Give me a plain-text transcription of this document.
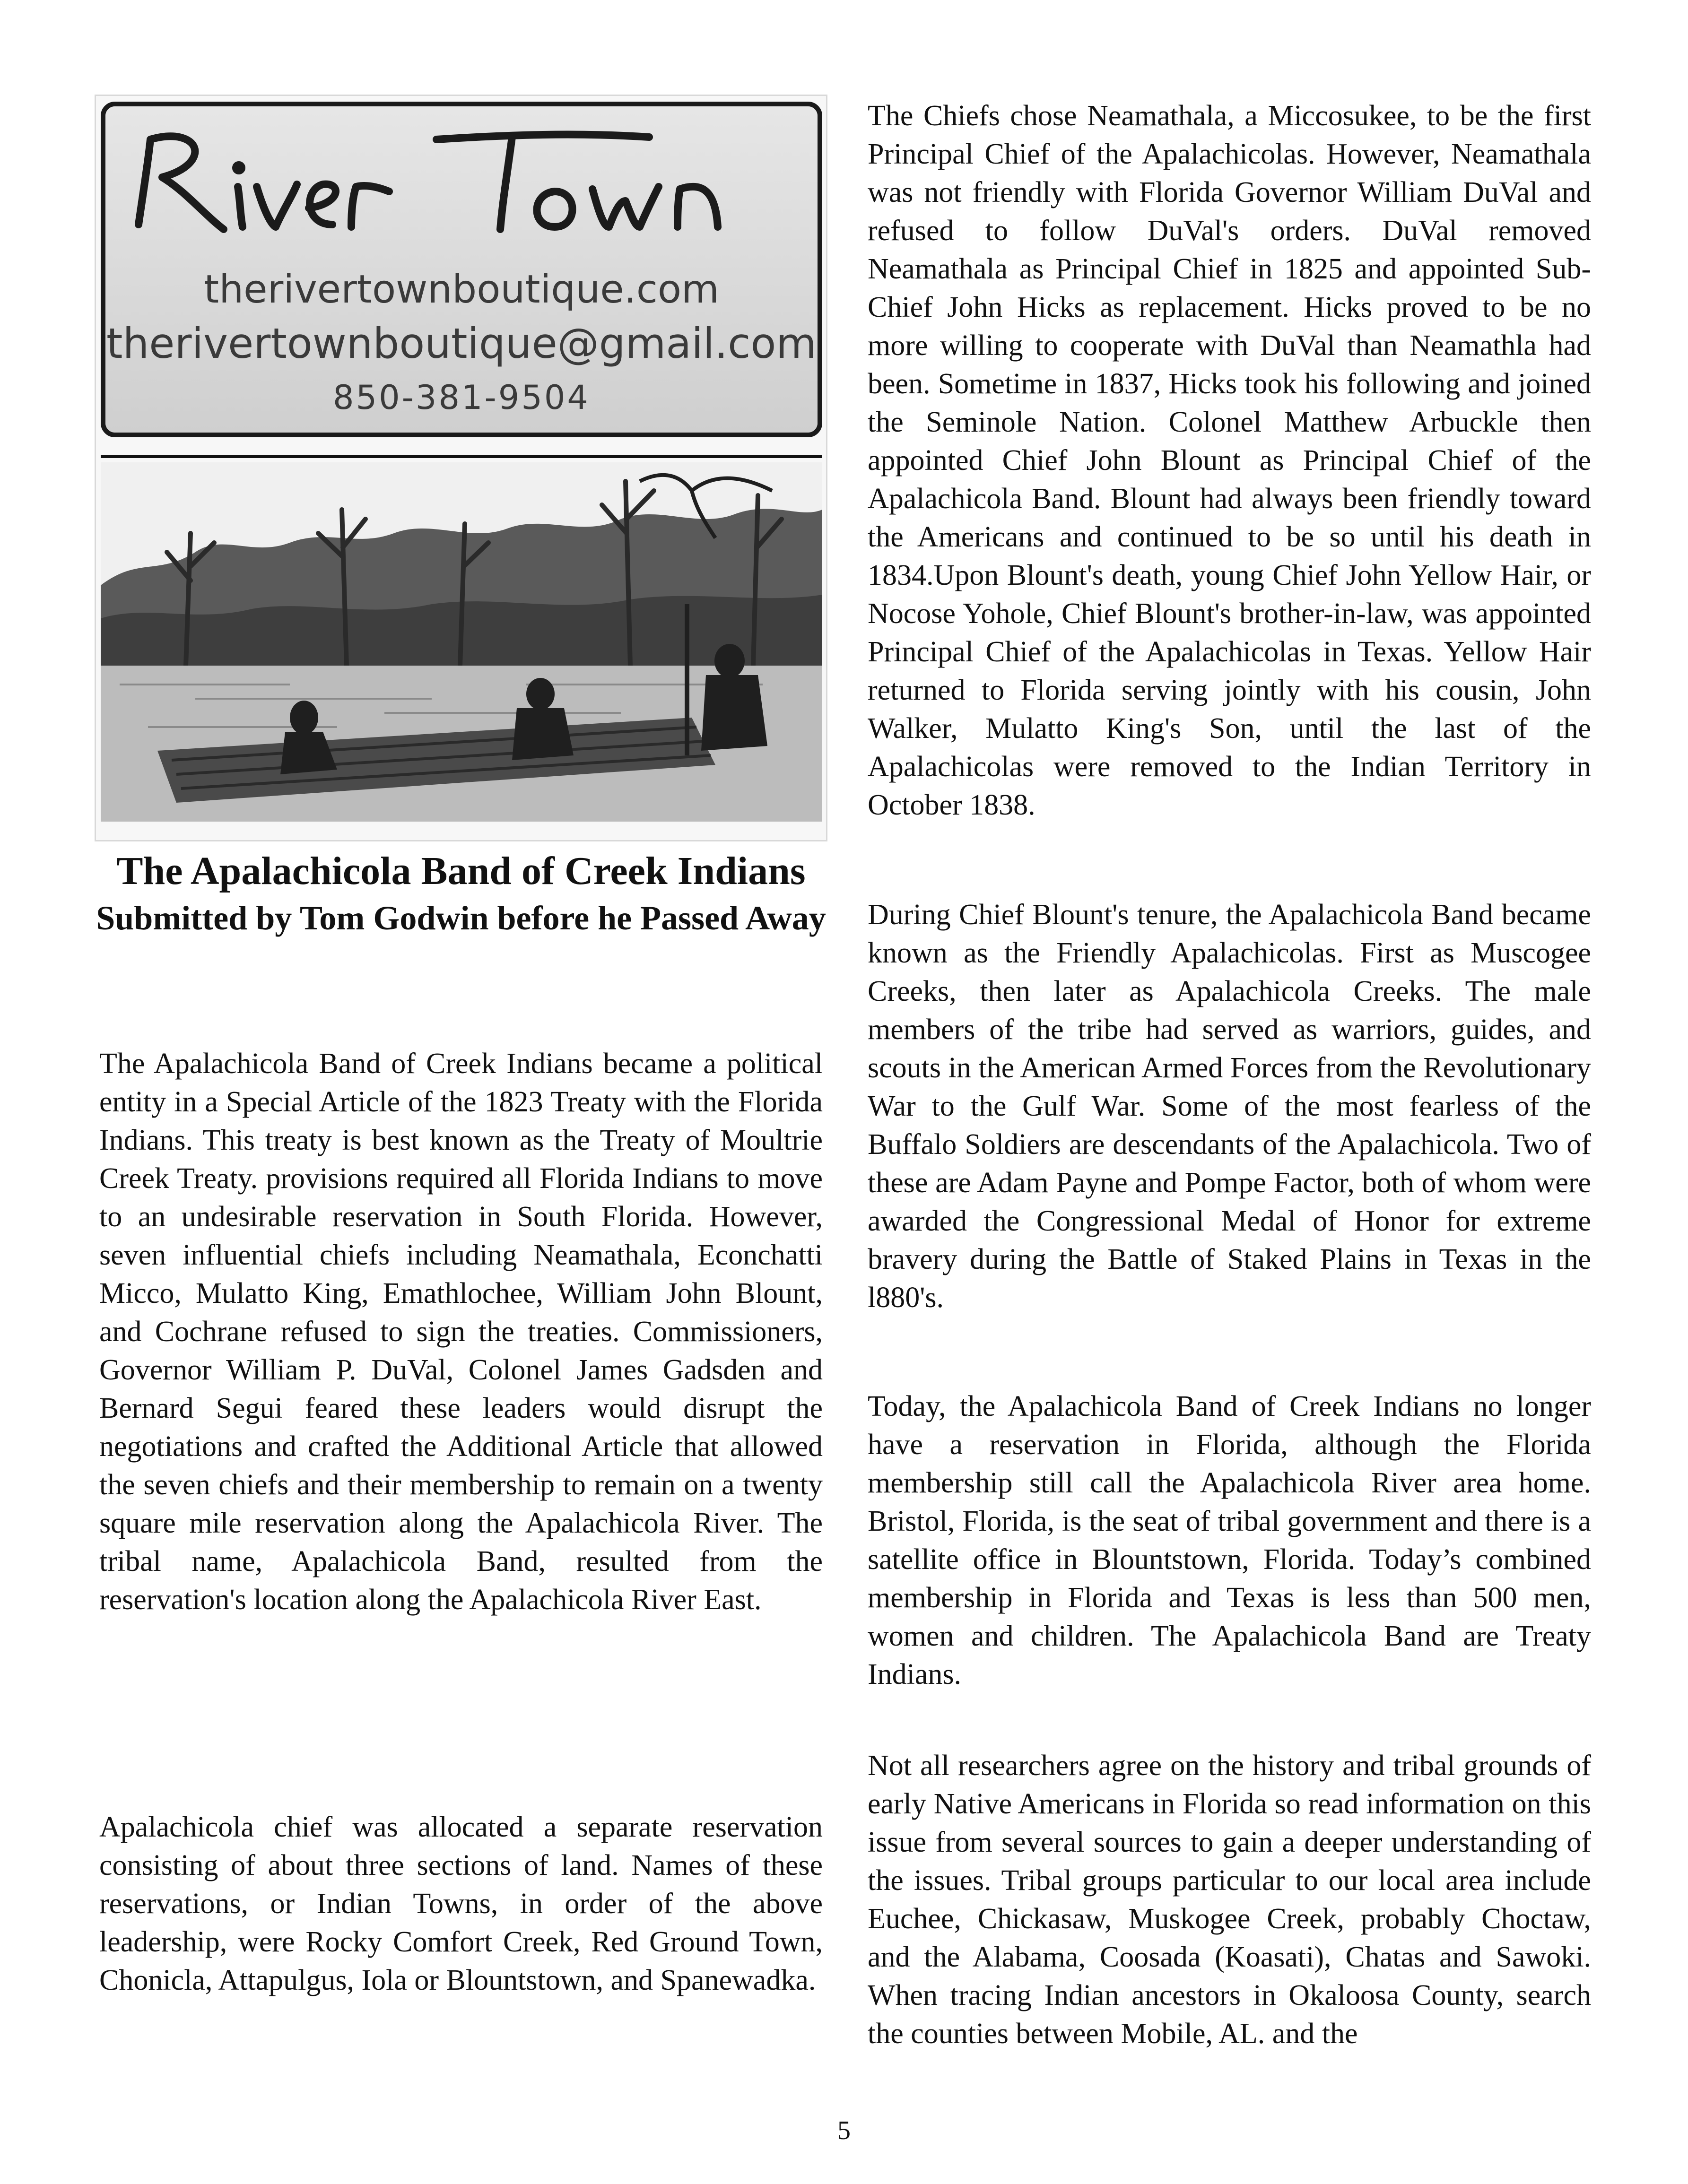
therivertownboutique.com
therivertownboutique@gmail.com
850-381-9504
The Apalachicola Band of Creek Indians
Submitted by Tom Godwin before he Passed Away

The Apalachicola Band of Creek Indians became a political entity in a Special Article of the 1823 Treaty with the Florida Indians. This treaty is best known as the Treaty of Moultrie Creek Treaty. provisions required all Florida Indians to move to an undesirable reservation in South Florida. However, seven influential chiefs including Neamathala, Econchatti Micco, Mulatto King, Emathlochee, William John Blount, and Cochrane refused to sign the treaties. Commissioners, Governor William P. DuVal, Colonel James Gadsden and Bernard Segui feared these leaders would disrupt the negotiations and crafted the Additional Article that allowed the seven chiefs and their membership to remain on a twenty square mile reservation along the Apalachicola River. The tribal name, Apalachicola Band, resulted from the reservation's location along the Apalachicola River East.

Apalachicola chief was allocated a separate reservation consisting of about three sections of land. Names of these reservations, or Indian Towns, in order of the above leadership, were Rocky Comfort Creek, Red Ground Town, Chonicla, Attapulgus, Iola or Blountstown, and Spanewadka.

The Chiefs chose Neamathala, a Miccosukee, to be the first Principal Chief of the Apalachicolas. However, Neamathala was not friendly with Florida Governor William DuVal and refused to follow DuVal's orders. DuVal removed Neamathala as Principal Chief in 1825 and appointed Sub-Chief John Hicks as replacement. Hicks proved to be no more willing to cooperate with DuVal than Neamathla had been. Sometime in 1837, Hicks took his following and joined the Seminole Nation. Colonel Matthew Arbuckle then appointed Chief John Blount as Principal Chief of the Apalachicola Band. Blount had always been friendly toward the Americans and continued to be so until his death in 1834.Upon Blount's death, young Chief John Yellow Hair, or Nocose Yohole, Chief Blount's brother-in-law, was appointed Principal Chief of the Apalachicolas in Texas. Yellow Hair returned to Florida serving jointly with his cousin, John Walker, Mulatto King's Son, until the last of the Apalachicolas were removed to the Indian Territory in October 1838.

During Chief Blount's tenure, the Apalachicola Band became known as the Friendly Apalachicolas. First as Muscogee Creeks, then later as Apalachicola Creeks. The male members of the tribe had served as warriors, guides, and scouts in the American Armed Forces from the Revolutionary War to the Gulf War. Some of the most fearless of the Buffalo Soldiers are descendants of the Apalachicola. Two of these are Adam Payne and Pompe Factor, both of whom were awarded the Congressional Medal of Honor for extreme bravery during the Battle of Staked Plains in Texas in the l880's.

Today, the Apalachicola Band of Creek Indians no longer have a reservation in Florida, although the Florida membership still call the Apalachicola River area home. Bristol, Florida, is the seat of tribal government and there is a satellite office in Blountstown, Florida. Today’s combined membership in Florida and Texas is less than 500 men, women and children. The Apalachicola Band are Treaty Indians.

Not all researchers agree on the history and tribal grounds of early Native Americans in Florida so read information on this issue from several sources to gain a deeper understanding of the issues. Tribal groups particular to our local area include Euchee, Chickasaw, Muskogee Creek, probably Choctaw, and the Alabama, Coosada (Koasati), Chatas and Sawoki. When tracing Indian ancestors in Okaloosa County, search the counties between Mobile, AL. and the

5
